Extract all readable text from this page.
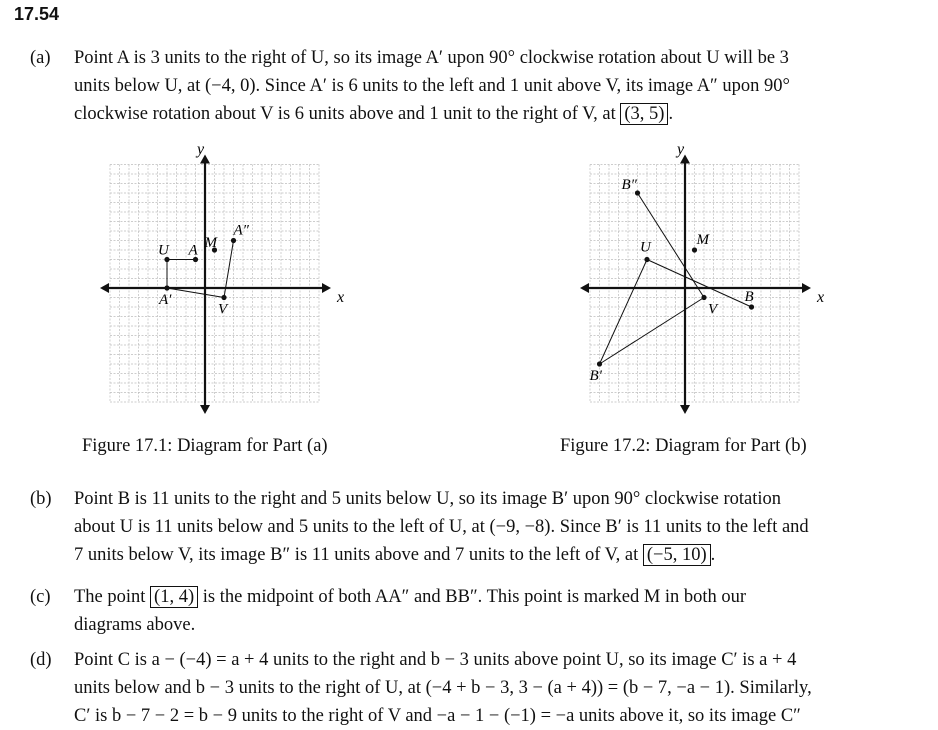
17.54
(a) Point A is 3 units to the right of U, so its image A′ upon 90° clockwise rotation about U will be 3
units below U, at (−4, 0). Since A′ is 6 units to the left and 1 unit above V, its image A″ upon 90°
clockwise rotation about V is 6 units above and 1 unit to the right of V, at (3, 5) .
x
y
U A
A′
V
A″
M
Figure 17.1: Diagram for Part (a)
x
y
U
B
B′
V
B″
M
Figure 17.2: Diagram for Part (b)
(b) Point B is 11 units to the right and 5 units below U, so its image B′ upon 90° clockwise rotation
about U is 11 units below and 5 units to the left of U, at (−9, −8). Since B′ is 11 units to the left and
7 units below V, its image B″ is 11 units above and 7 units to the left of V, at (−5, 10) .
(c) The point (1, 4) is the midpoint of both AA″ and BB″. This point is marked M in both our
diagrams above.
(d) Point C is a − (−4) = a + 4 units to the right and b − 3 units above point U, so its image C′ is a + 4
units below and b − 3 units to the right of U, at (−4 + b − 3, 3 − (a + 4)) = (b − 7, −a − 1). Similarly,
C′ is b − 7 − 2 = b − 9 units to the right of V and −a − 1 − (−1) = −a units above it, so its image C″
